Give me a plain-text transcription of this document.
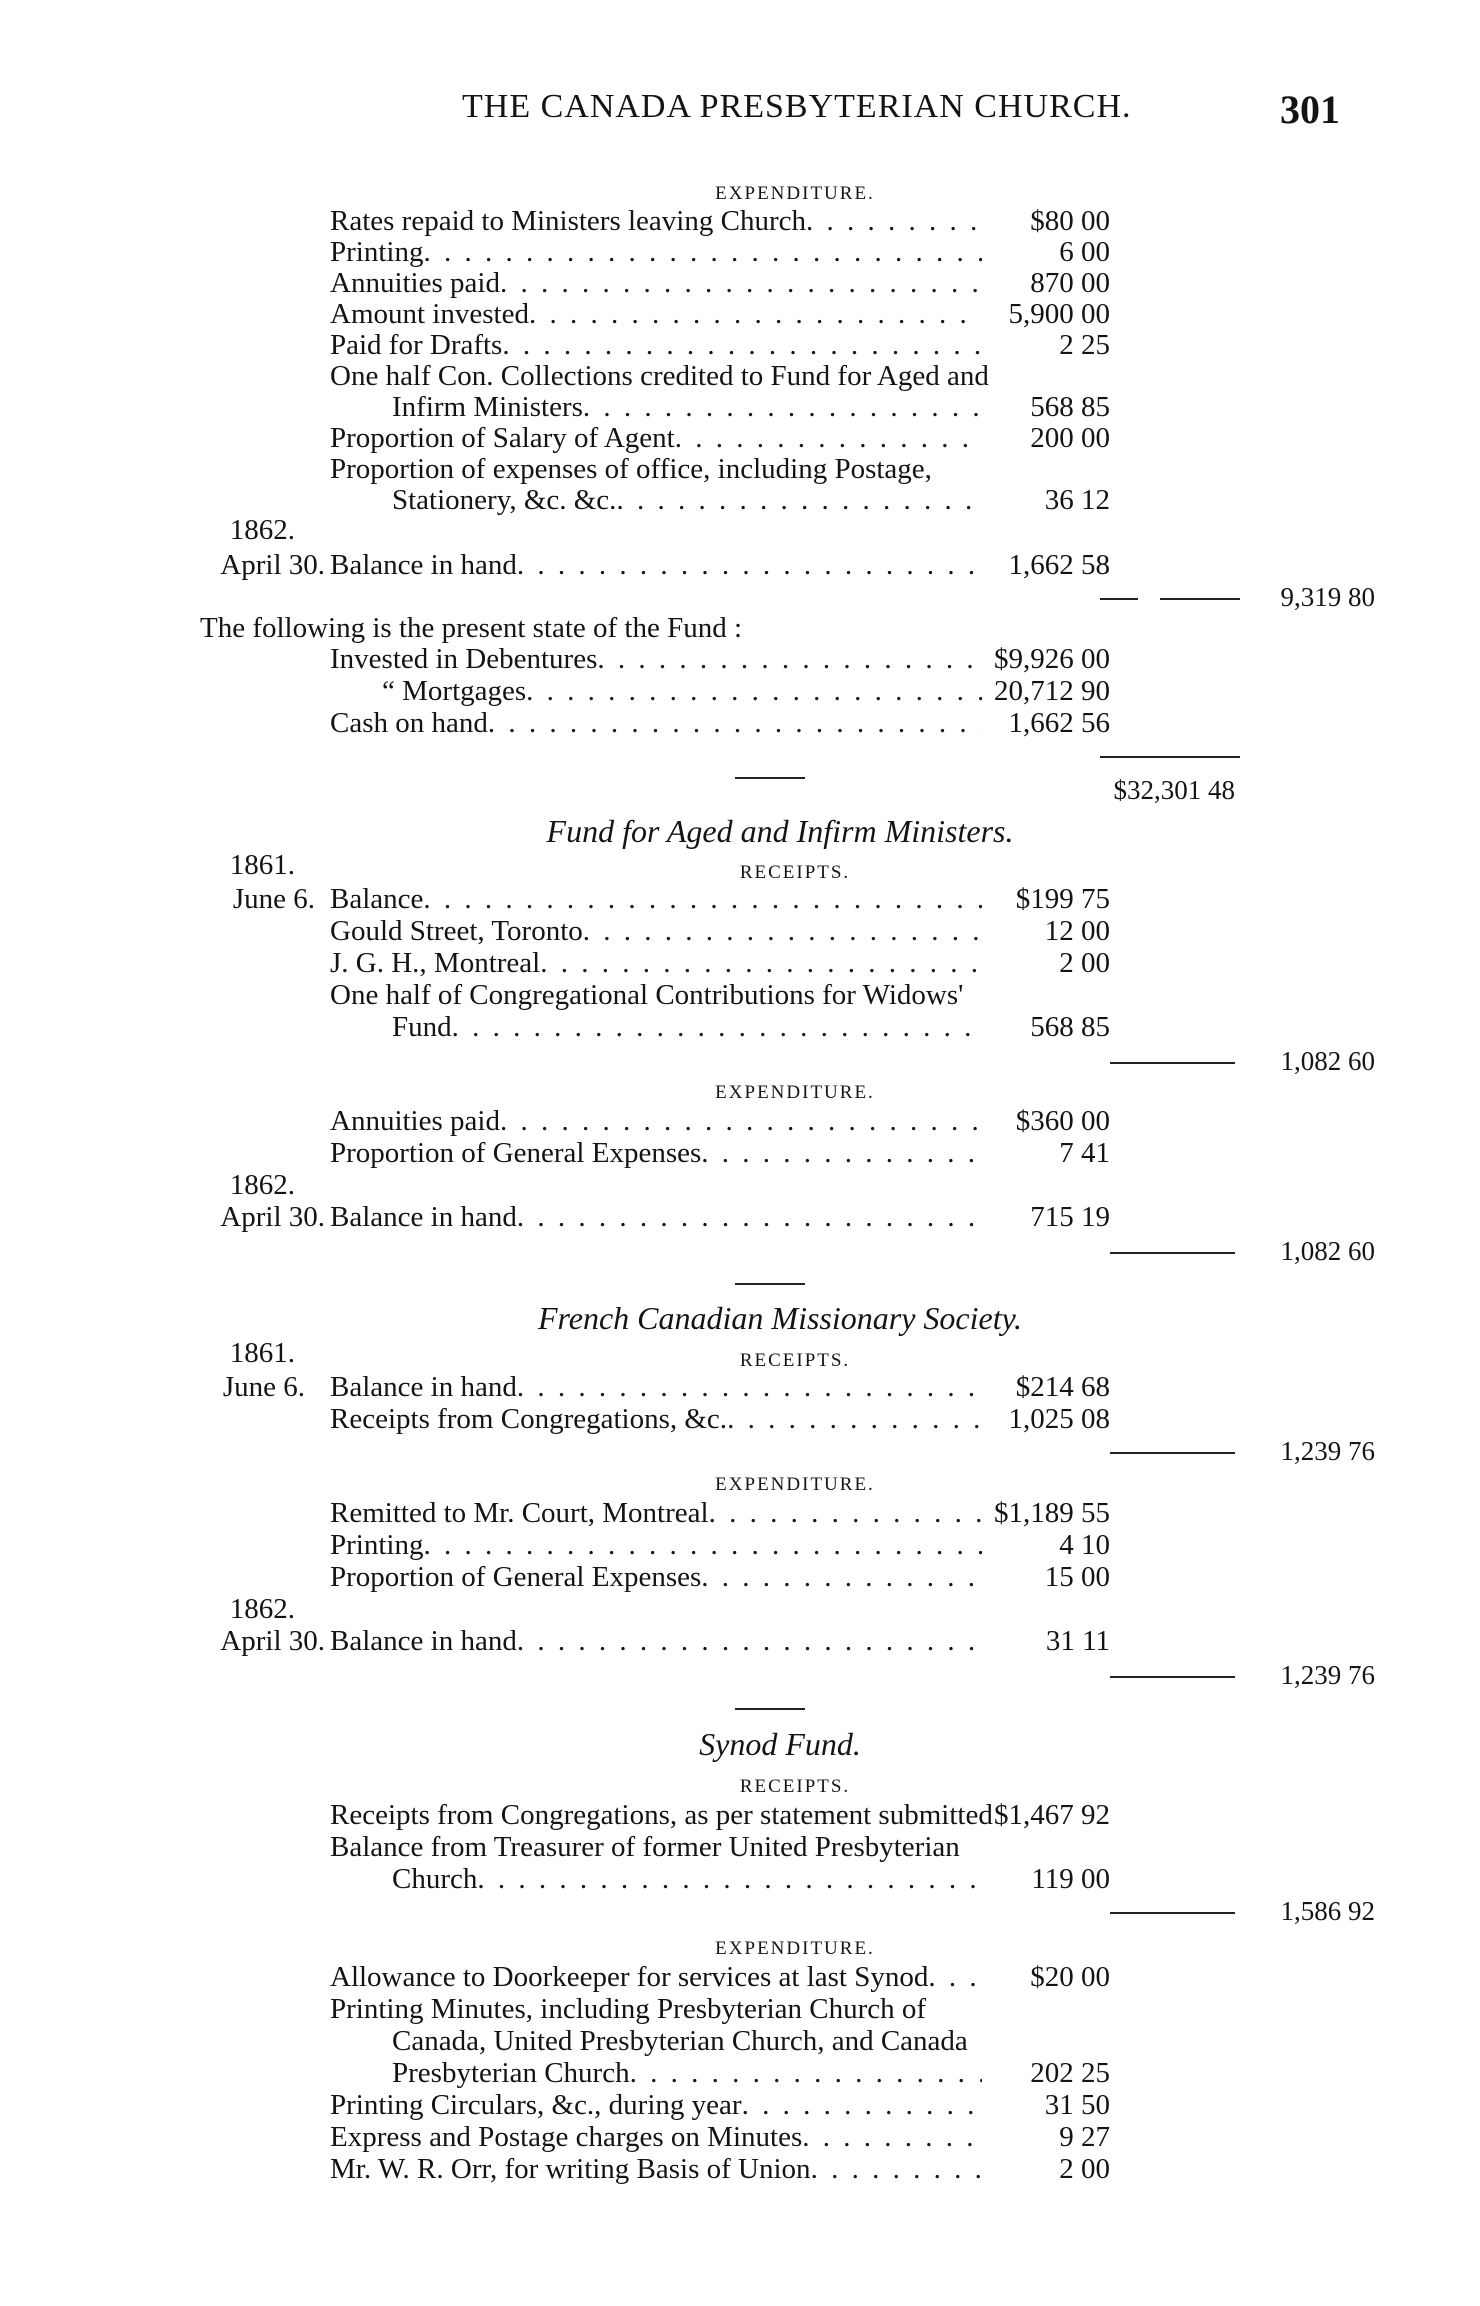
THE CANADA PRESBYTERIAN CHURCH.	301
EXPENDITURE.
Rates repaid to Ministers leaving Church . . .	$80 00
Printing . . .	6 00
Annuities paid . . .	870 00
Amount invested . . .	5,900 00
Paid for Drafts . . .	2 25
One half Con. Collections credited to Fund for Aged and
Infirm Ministers . . .	568 85
Proportion of Salary of Agent . . .	200 00
Proportion of expenses of office, including Postage,
Stationery, &c. &c. . . .	36 12
1862.
April 30. Balance in hand . . .	1,662 58
9,319 80
The following is the present state of the Fund :
Invested in Debentures . . .	$9,926 00
“ Mortgages . . .	20,712 90
Cash on hand . . .	1,662 56
$32,301 48
Fund for Aged and Infirm Ministers.
1861.	RECEIPTS.
June 6. Balance . . .	$199 75
Gould Street, Toronto . . .	12 00
J. G. H., Montreal . . .	2 00
One half of Congregational Contributions for Widows'
Fund . . .	568 85
1,082 60
EXPENDITURE.
Annuities paid . . .	$360 00
Proportion of General Expenses . . .	7 41
1862.
April 30. Balance in hand . . .	715 19
1,082 60
French Canadian Missionary Society.
1861.	RECEIPTS.
June 6. Balance in hand . . .	$214 68
Receipts from Congregations, &c. . . .	1,025 08
1,239 76
EXPENDITURE.
Remitted to Mr. Court, Montreal . . .	$1,189 55
Printing . . .	4 10
Proportion of General Expenses . . .	15 00
1862.
April 30. Balance in hand . . .	31 11
1,239 76
Synod Fund.
RECEIPTS.
Receipts from Congregations, as per statement submitted $1,467 92
Balance from Treasurer of former United Presbyterian
Church . . .	119 00
1,586 92
EXPENDITURE.
Allowance to Doorkeeper for services at last Synod . . .	$20 00
Printing Minutes, including Presbyterian Church of
Canada, United Presbyterian Church, and Canada
Presbyterian Church . . .	202 25
Printing Circulars, &c., during year . . .	31 50
Express and Postage charges on Minutes . . .	9 27
Mr. W. R. Orr, for writing Basis of Union . . .	2 00
